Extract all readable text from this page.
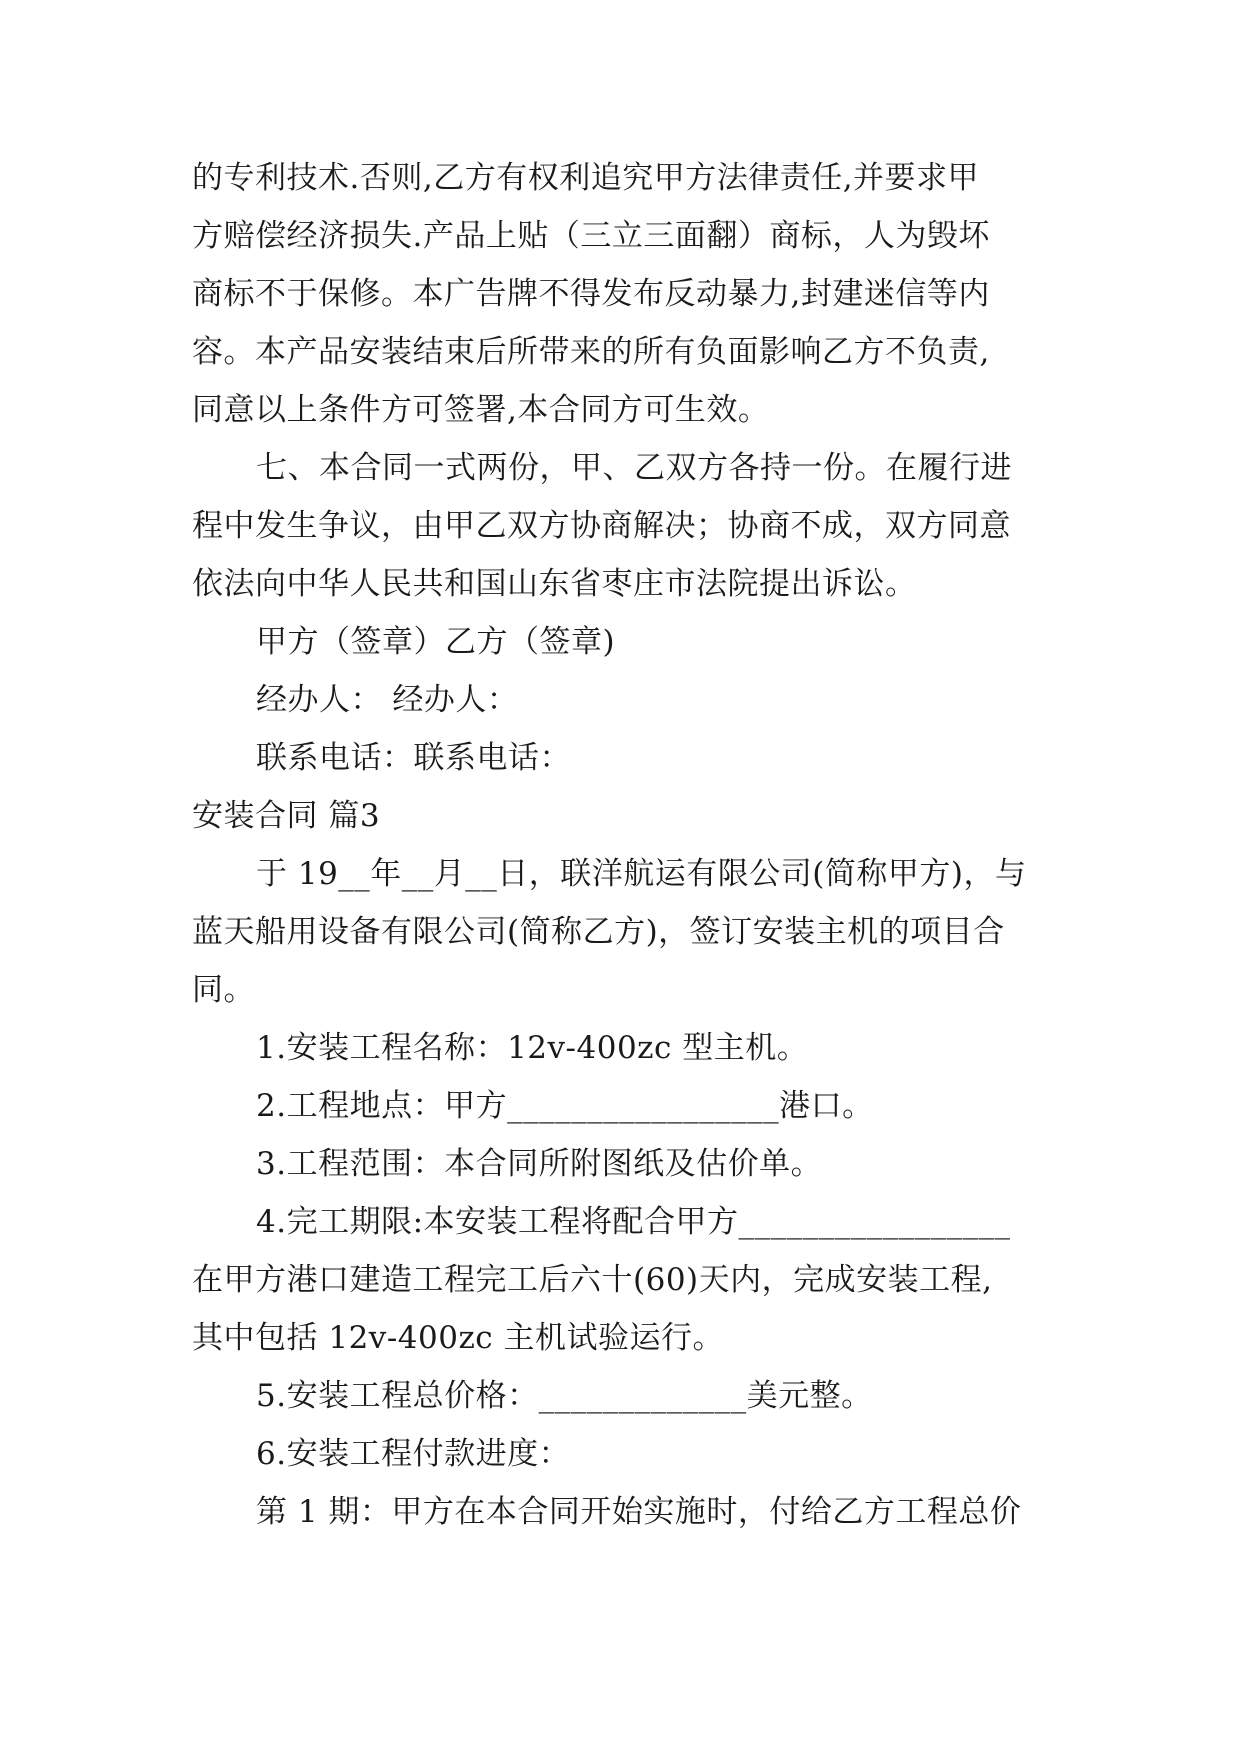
的专利技术.否则,乙方有权利追究甲方法律责任,并要求甲
方赔偿经济损失.产品上贴（三立三面翻）商标，人为毁坏
商标不于保修。本广告牌不得发布反动暴力,封建迷信等内
容。本产品安装结束后所带来的所有负面影响乙方不负责,
同意以上条件方可签署,本合同方可生效。
七、本合同一式两份，甲、乙双方各持一份。在履行进
程中发生争议，由甲乙双方协商解决；协商不成，双方同意
依法向中华人民共和国山东省枣庄市法院提出诉讼。
甲方（签章）乙方（签章)
经办人： 经办人：
联系电话：联系电话：
安装合同 篇3
于 19__年__月__日，联洋航运有限公司(简称甲方)，与
蓝天船用设备有限公司(简称乙方)，签订安装主机的项目合
同。
1.安装工程名称：12v-400zc 型主机。
2.工程地点：甲方_________________港口。
3.工程范围：本合同所附图纸及估价单。
4.完工期限:本安装工程将配合甲方_________________
在甲方港口建造工程完工后六十(60)天内，完成安装工程,
其中包括 12v-400zc 主机试验运行。
5.安装工程总价格：_____________美元整。
6.安装工程付款进度：
第 1 期：甲方在本合同开始实施时，付给乙方工程总价
